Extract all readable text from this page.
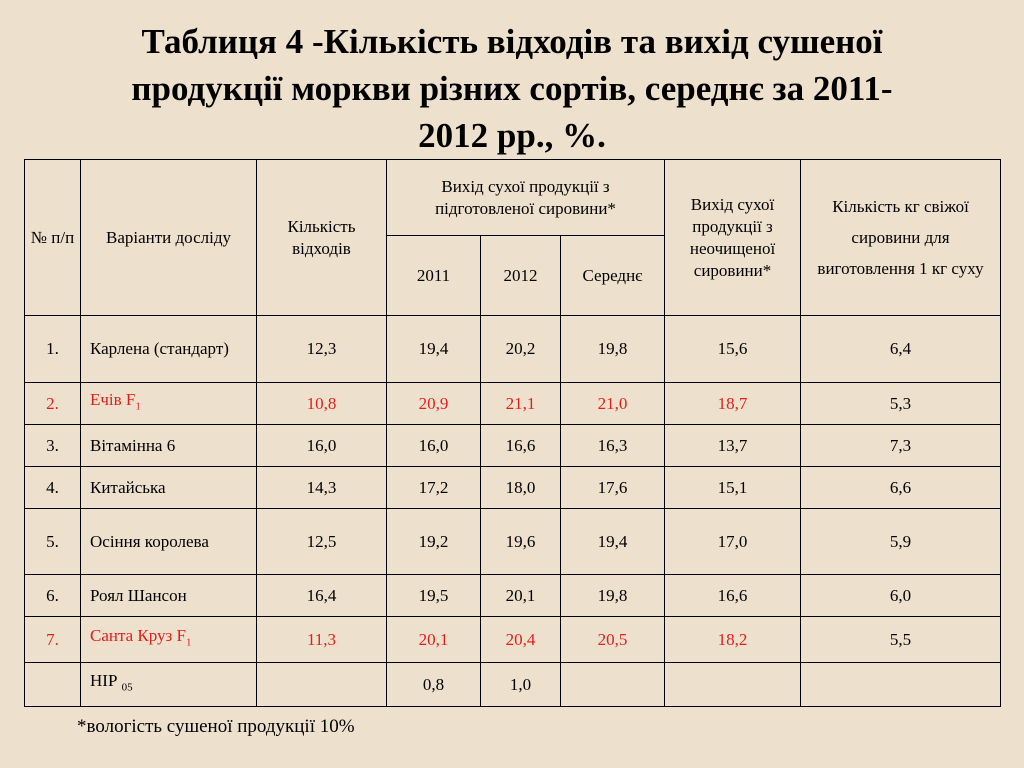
Таблиця 4 -Кількість відходів та вихід сушеної
продукції моркви різних сортів, середнє за 2011-
2012 рр., %.
№ п/п	Варіанти досліду	Кількість відходів	Вихід сухої продукції з підготовленої сировини*			Вихід сухої продукції з неочищеної сировини*	Кількість кг свіжої сировини для виготовлення 1 кг суху
			2011	2012	Середнє		
1.	Карлена (стандарт)	12,3	19,4	20,2	19,8	15,6	6,4
2.	Ечів $F_1$	10,8	20,9	21,1	21,0	18,7	5,3
3.	Вітамінна 6	16,0	16,0	16,6	16,3	13,7	7,3
4.	Китайська	14,3	17,2	18,0	17,6	15,1	6,6
5.	Осіння королева	12,5	19,2	19,6	19,4	17,0	5,9
6.	Роял Шансон	16,4	19,5	20,1	19,8	16,6	6,0
7.	Санта Круз $F_1$	11,3	20,1	20,4	20,5	18,2	5,5
	НІР $_{05}$		0,8	1,0			
*вологість сушеної продукції 10%
